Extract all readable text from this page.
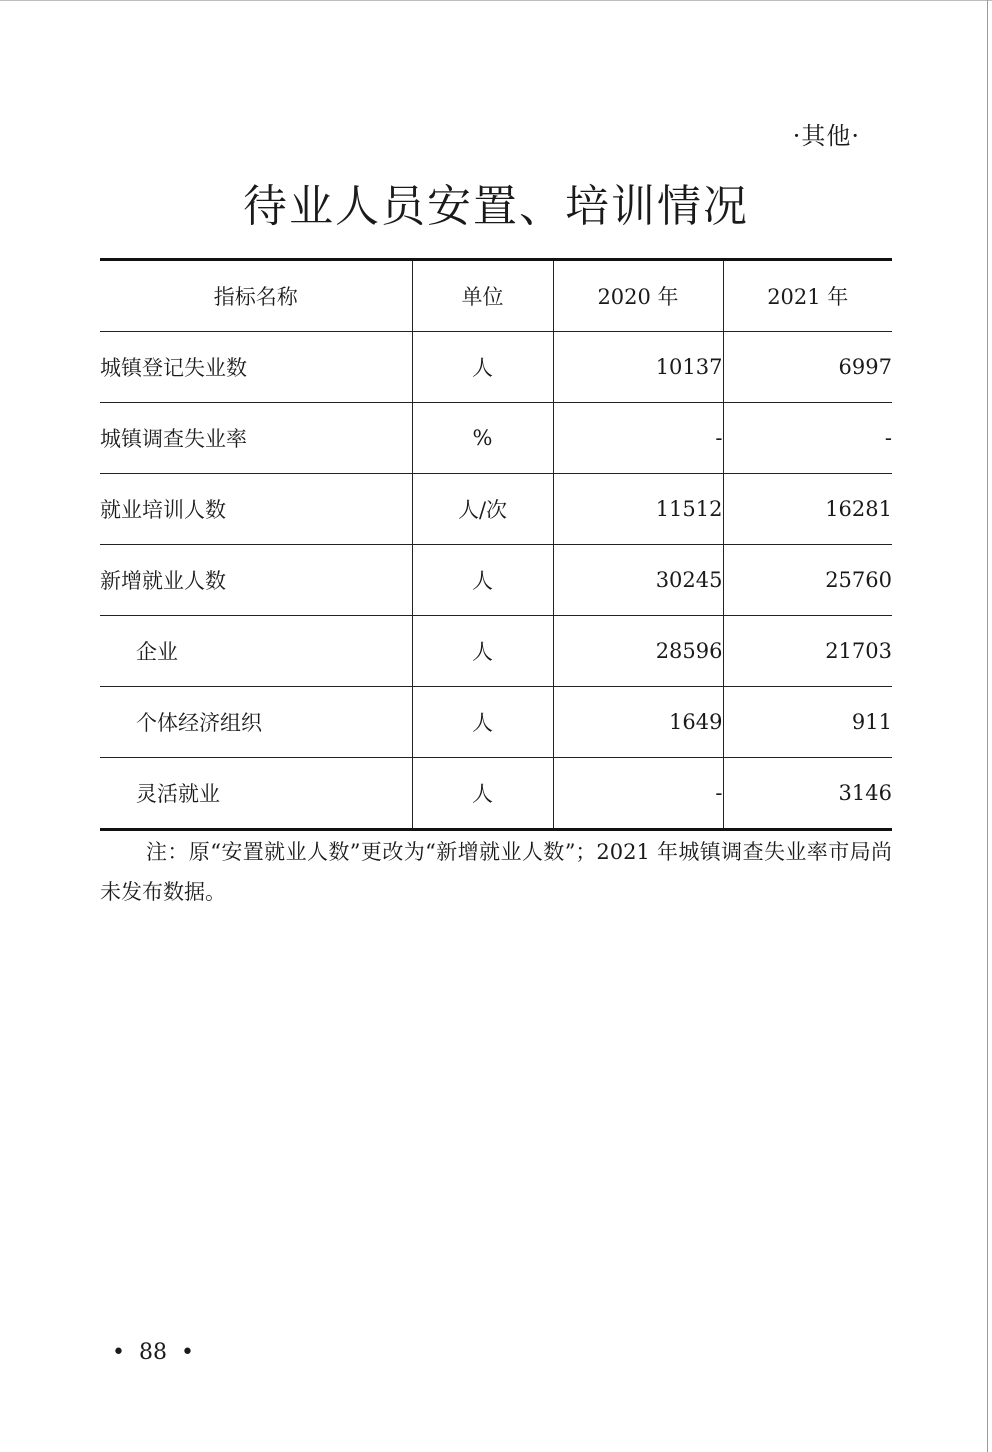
·其他·
待业人员安置、培训情况
指标名称	单位	2020 年	2021 年
城镇登记失业数	人	10137	6997
城镇调查失业率	%	-	-
就业培训人数	人/次	11512	16281
新增就业人数	人	30245	25760
企业	人	28596	21703
个体经济组织	人	1649	911
灵活就业	人	-	3146
注：原“安置就业人数”更改为“新增就业人数”；2021 年城镇调查失业率市局尚未发布数据。
•  88  •
